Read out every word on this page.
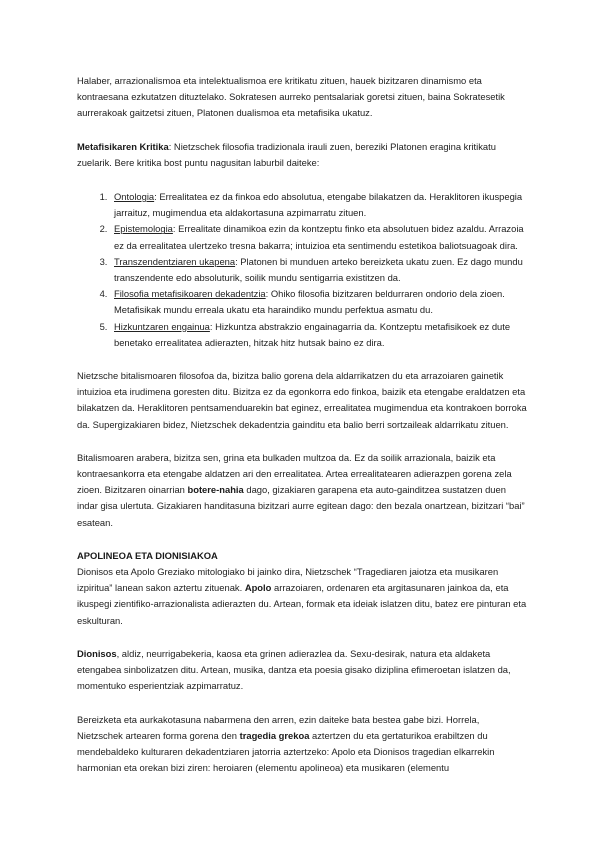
Halaber, arrazionalismoa eta intelektualismoa ere kritikatu zituen, hauek bizitzaren dinamismo eta kontraesana ezkutatzen dituztelako. Sokratesen aurreko pentsalariak goretsi zituen, baina Sokratesetik aurrerakoak gaitzetsi zituen, Platonen dualismoa eta metafisika ukatuz.

Metafisikaren Kritika: Nietzschek filosofia tradizionala irauli zuen, bereziki Platonen eragina kritikatu zuelarik. Bere kritika bost puntu nagusitan laburbil daiteke:

1. Ontologia: Errealitatea ez da finkoa edo absolutua, etengabe bilakatzen da. Heraklitoren ikuspegia jarraituz, mugimendua eta aldakortasuna azpimarratu zituen.
2. Epistemologia: Errealitate dinamikoa ezin da kontzeptu finko eta absolutuen bidez azaldu. Arrazoia ez da errealitatea ulertzeko tresna bakarra; intuizioa eta sentimendu estetikoa baliotsuagoak dira.
3. Transzendentziaren ukapena: Platonen bi munduen arteko bereizketa ukatu zuen. Ez dago mundu transzendente edo absoluturik, soilik mundu sentigarria existitzen da.
4. Filosofia metafisikoaren dekadentzia: Ohiko filosofia bizitzaren beldurraren ondorio dela zioen. Metafisikak mundu erreala ukatu eta haraindiko mundu perfektua asmatu du.
5. Hizkuntzaren engainua: Hizkuntza abstrakzio engainagarria da. Kontzeptu metafisikoek ez dute benetako errealitatea adierazten, hitzak hitz hutsak baino ez dira.

Nietzsche bitalismoaren filosofoa da, bizitza balio gorena dela aldarrikatzen du eta arrazoiaren gainetik intuizioa eta irudimena goresten ditu. Bizitza ez da egonkorra edo finkoa, baizik eta etengabe eraldatzen eta bilakatzen da. Heraklitoren pentsamenduarekin bat eginez, errealitatea mugimendua eta kontrakoen borroka da. Supergizakiaren bidez, Nietzschek dekadentzia gainditu eta balio berri sortzaileak aldarrikatu zituen.

Bitalismoaren arabera, bizitza sen, grina eta bulkaden multzoa da. Ez da soilik arrazionala, baizik eta kontraesankorra eta etengabe aldatzen ari den errealitatea. Artea errealitatearen adierazpen gorena zela zioen. Bizitzaren oinarrian botere-nahia dago, gizakiaren garapena eta auto-gainditzea sustatzen duen indar gisa ulertuta. Gizakiaren handitasuna bizitzari aurre egitean dago: den bezala onartzean, bizitzari “bai” esatean.

APOLINEOA ETA DIONISIAKOA

Dionisos eta Apolo Greziako mitologiako bi jainko dira, Nietzschek “Tragediaren jaiotza eta musikaren izpiritua” lanean sakon aztertu zituenak. Apolo arrazoiaren, ordenaren eta argitasunaren jainkoa da, eta ikuspegi zientifiko-arrazionalista adierazten du. Artean, formak eta ideiak islatzen ditu, batez ere pinturan eta eskulturan.

Dionisos, aldiz, neurrigabekeria, kaosa eta grinen adierazlea da. Sexu-desirak, natura eta aldaketa etengabea sinbolizatzen ditu. Artean, musika, dantza eta poesia gisako diziplina efimeroetan islatzen da, momentuko esperientziak azpimarratuz.

Bereizketa eta aurkakotasuna nabarmena den arren, ezin daiteke bata bestea gabe bizi. Horrela, Nietzschek artearen forma gorena den tragedia grekoa aztertzen du eta gertaturikoa erabiltzen du mendebaldeko kulturaren dekadentziaren jatorria aztertzeko: Apolo eta Dionisos tragedian elkarrekin harmonian eta orekan bizi ziren: heroiaren (elementu apolineoa) eta musikaren (elementu
